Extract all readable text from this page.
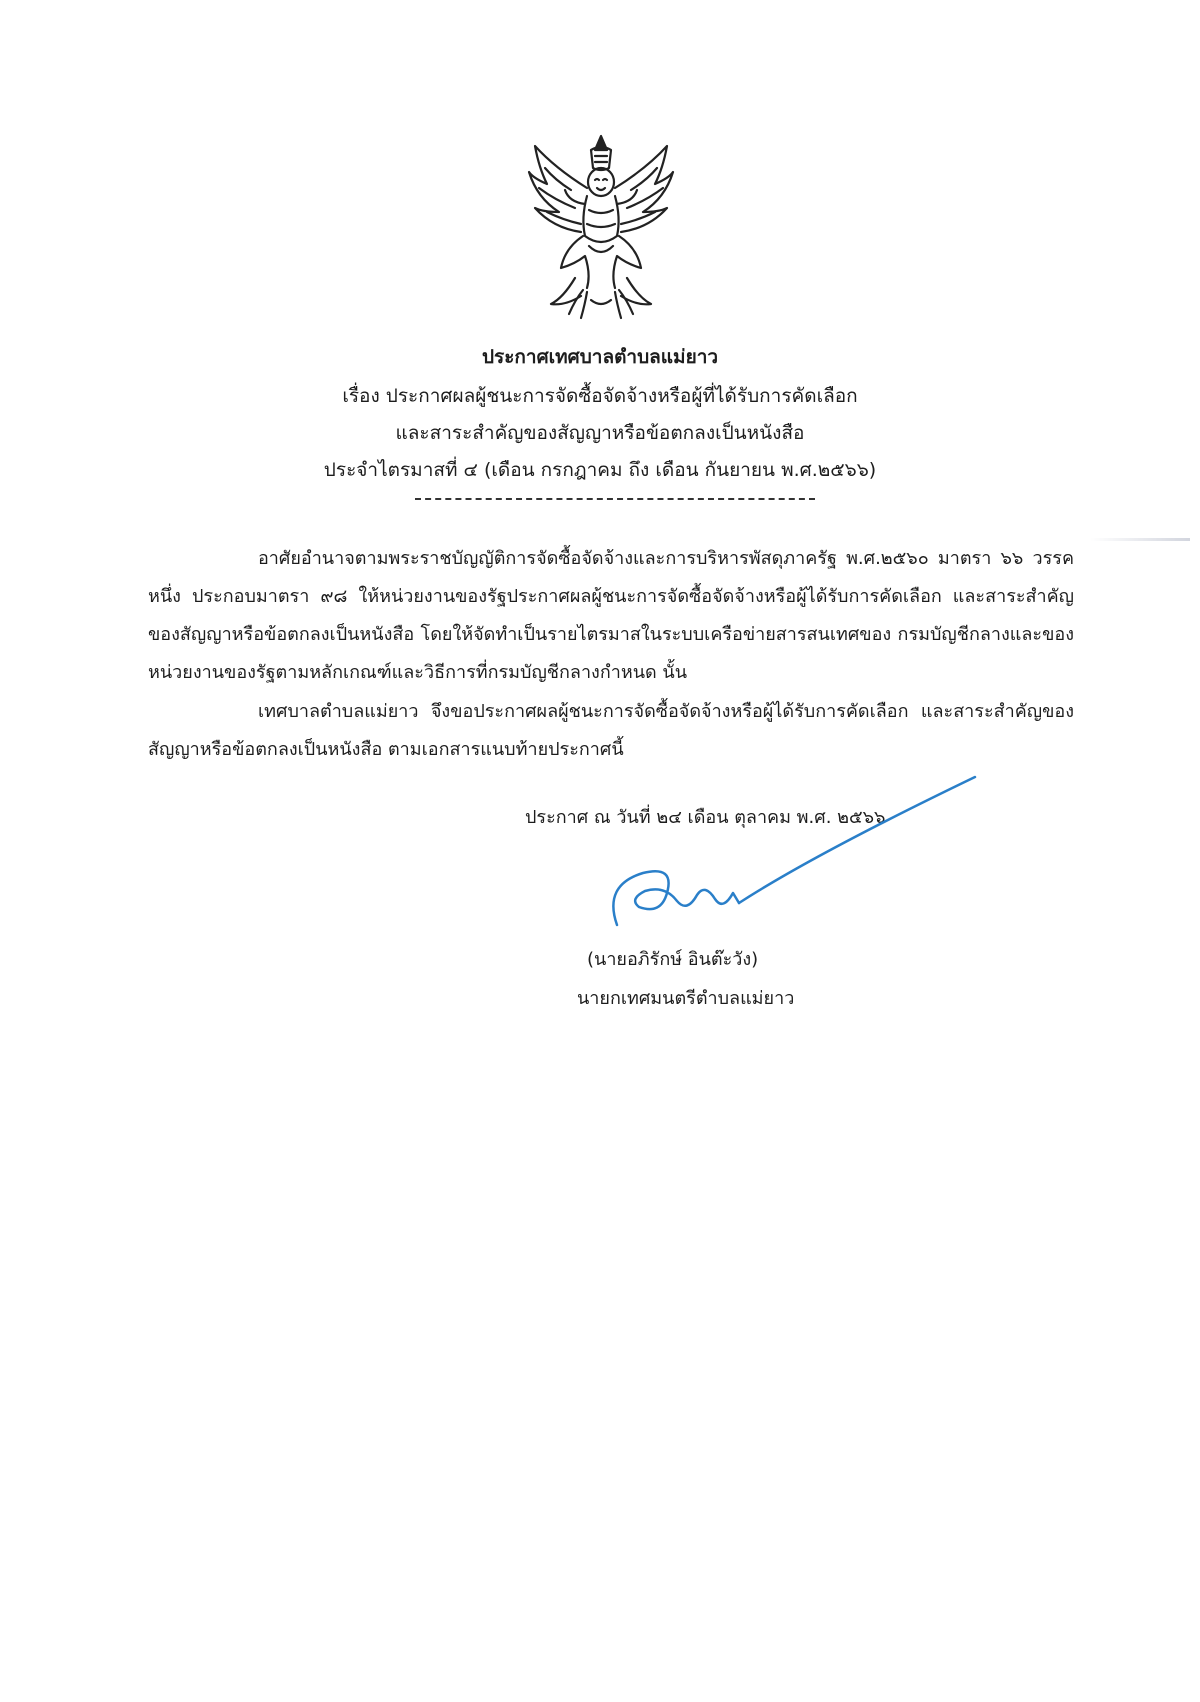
ประกาศเทศบาลตำบลแม่ยาว
เรื่อง ประกาศผลผู้ชนะการจัดซื้อจัดจ้างหรือผู้ที่ได้รับการคัดเลือก
และสาระสำคัญของสัญญาหรือข้อตกลงเป็นหนังสือ
ประจำไตรมาสที่ ๔ (เดือน กรกฎาคม ถึง เดือน กันยายน พ.ศ.๒๕๖๖)
อาศัยอำนาจตามพระราชบัญญัติการจัดซื้อจัดจ้างและการบริหารพัสดุภาครัฐ พ.ศ.๒๕๖๐ มาตรา ๖๖ วรรคหนึ่ง ประกอบมาตรา ๙๘ ให้หน่วยงานของรัฐประกาศผลผู้ชนะการจัดซื้อจัดจ้างหรือผู้ได้รับการคัดเลือก และสาระสำคัญของสัญญาหรือข้อตกลงเป็นหนังสือ โดยให้จัดทำเป็นรายไตรมาสในระบบเครือข่ายสารสนเทศของ กรมบัญชีกลางและของหน่วยงานของรัฐตามหลักเกณฑ์และวิธีการที่กรมบัญชีกลางกำหนด นั้น
เทศบาลตำบลแม่ยาว จึงขอประกาศผลผู้ชนะการจัดซื้อจัดจ้างหรือผู้ได้รับการคัดเลือก และสาระสำคัญของสัญญาหรือข้อตกลงเป็นหนังสือ ตามเอกสารแนบท้ายประกาศนี้
ประกาศ ณ วันที่ ๒๔ เดือน ตุลาคม พ.ศ. ๒๕๖๖
(นายอภิรักษ์ อินต๊ะวัง)
นายกเทศมนตรีตำบลแม่ยาว
